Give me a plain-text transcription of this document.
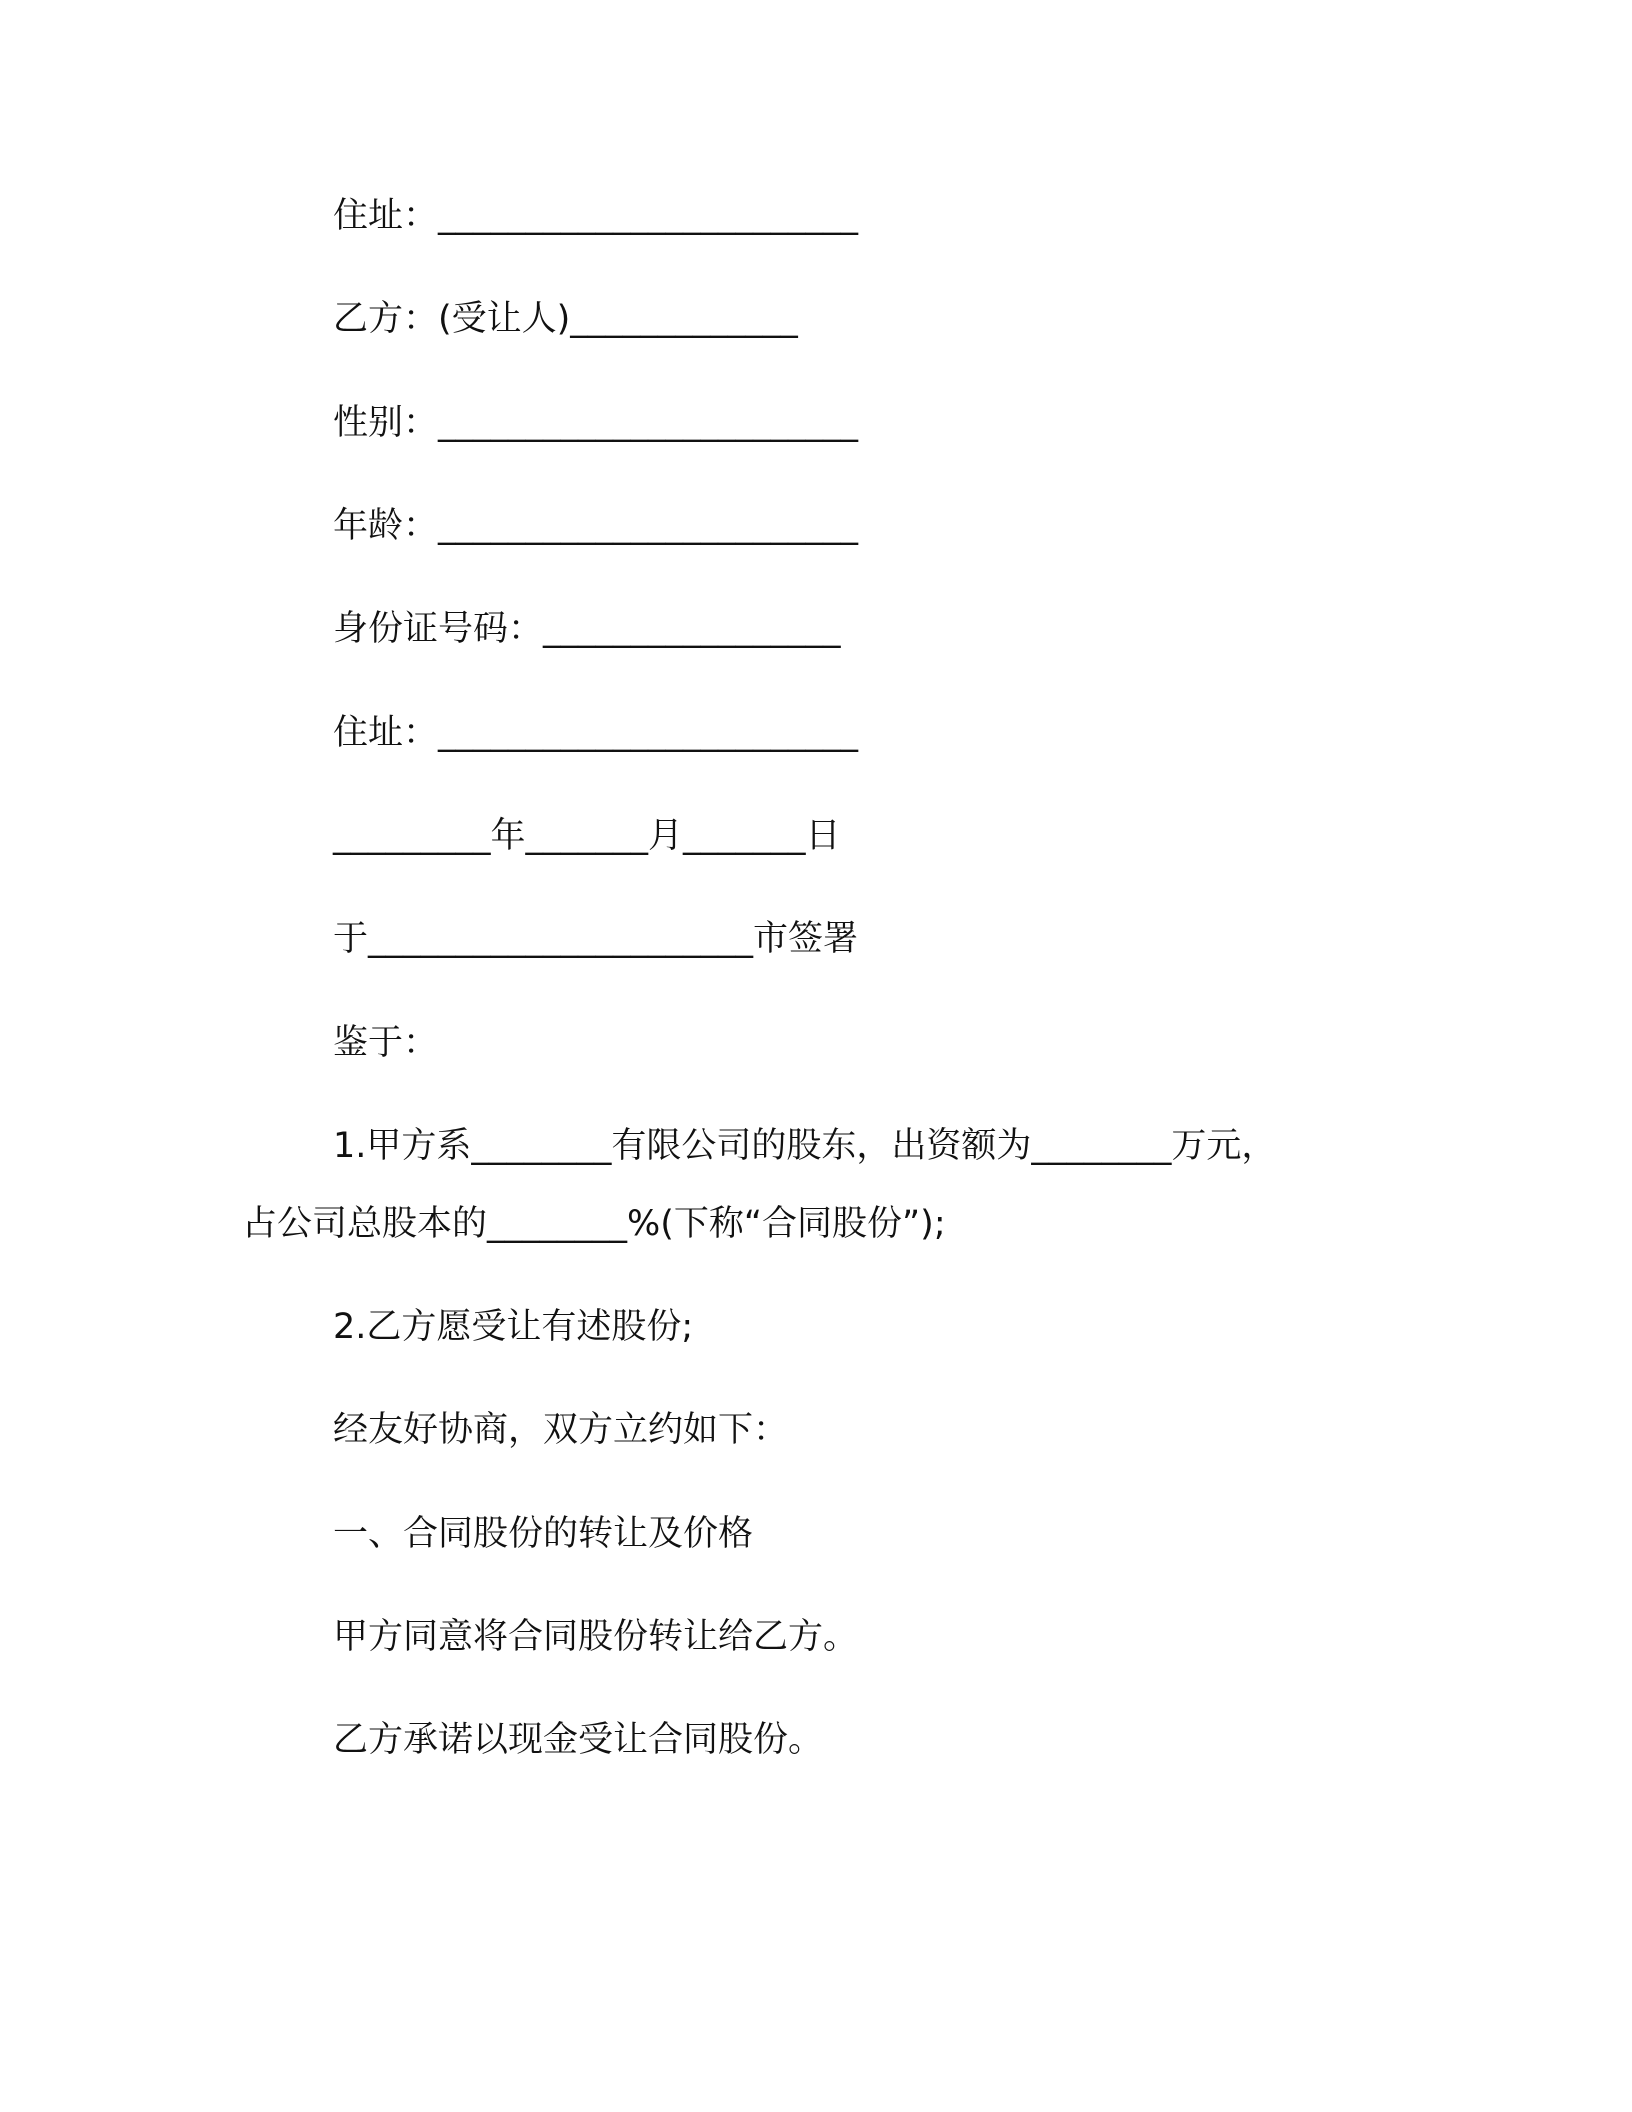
住址：________________________

乙方：(受让人)_____________

性别：________________________

年龄：________________________

身份证号码：_________________

住址：________________________

_________年_______月_______日

于______________________市签署

鉴于：

1.甲方系________有限公司的股东，出资额为________万元，

占公司总股本的________%(下称“合同股份”);

2.乙方愿受让有述股份;

经友好协商，双方立约如下：

一、合同股份的转让及价格

甲方同意将合同股份转让给乙方。

乙方承诺以现金受让合同股份。
